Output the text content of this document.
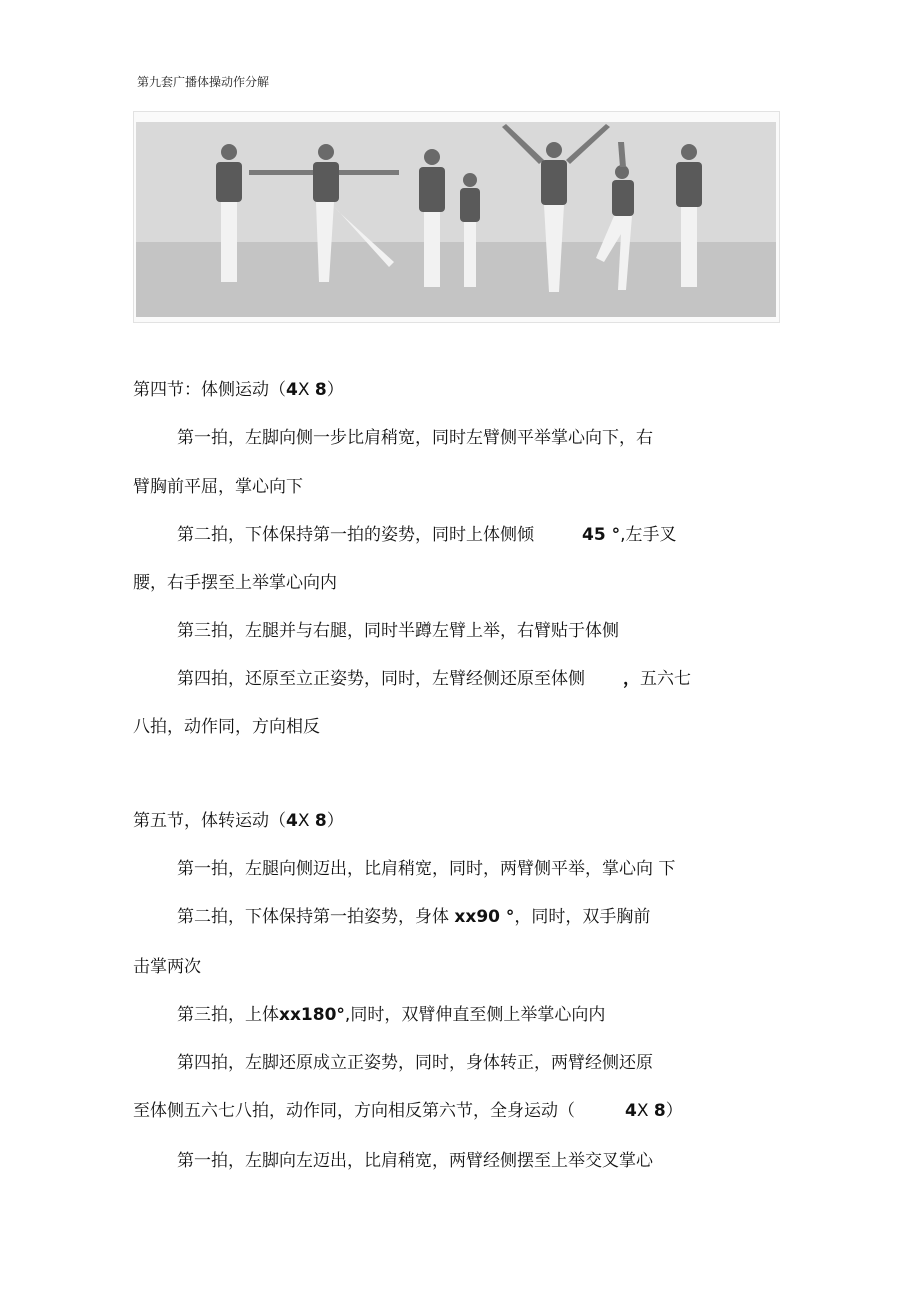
第九套广播体操动作分解
第四节：体侧运动（4X 8）
第一拍，左脚向侧一步比肩稍宽，同时左臂侧平举掌心向下，右
臂胸前平屈，掌心向下
第二拍，下体保持第一拍的姿势，同时上体侧倾	45 °,左手叉
腰，右手摆至上举掌心向内
第三拍，左腿并与右腿，同时半蹲左臂上举，右臂贴于体侧
第四拍，还原至立正姿势，同时，左臂经侧还原至体侧 ，五六七
八拍，动作同，方向相反
第五节，体转运动（4X 8）
第一拍，左腿向侧迈出，比肩稍宽，同时，两臂侧平举，掌心向 下
第二拍，下体保持第一拍姿势，身体 xx90 °，同时，双手胸前
击掌两次
第三拍，上体xx180°,同时，双臂伸直至侧上举掌心向内
第四拍，左脚还原成立正姿势，同时，身体转正，两臂经侧还原
至体侧五六七八拍，动作同，方向相反第六节，全身运动（	4X 8）
第一拍，左脚向左迈出，比肩稍宽，两臂经侧摆至上举交叉掌心
